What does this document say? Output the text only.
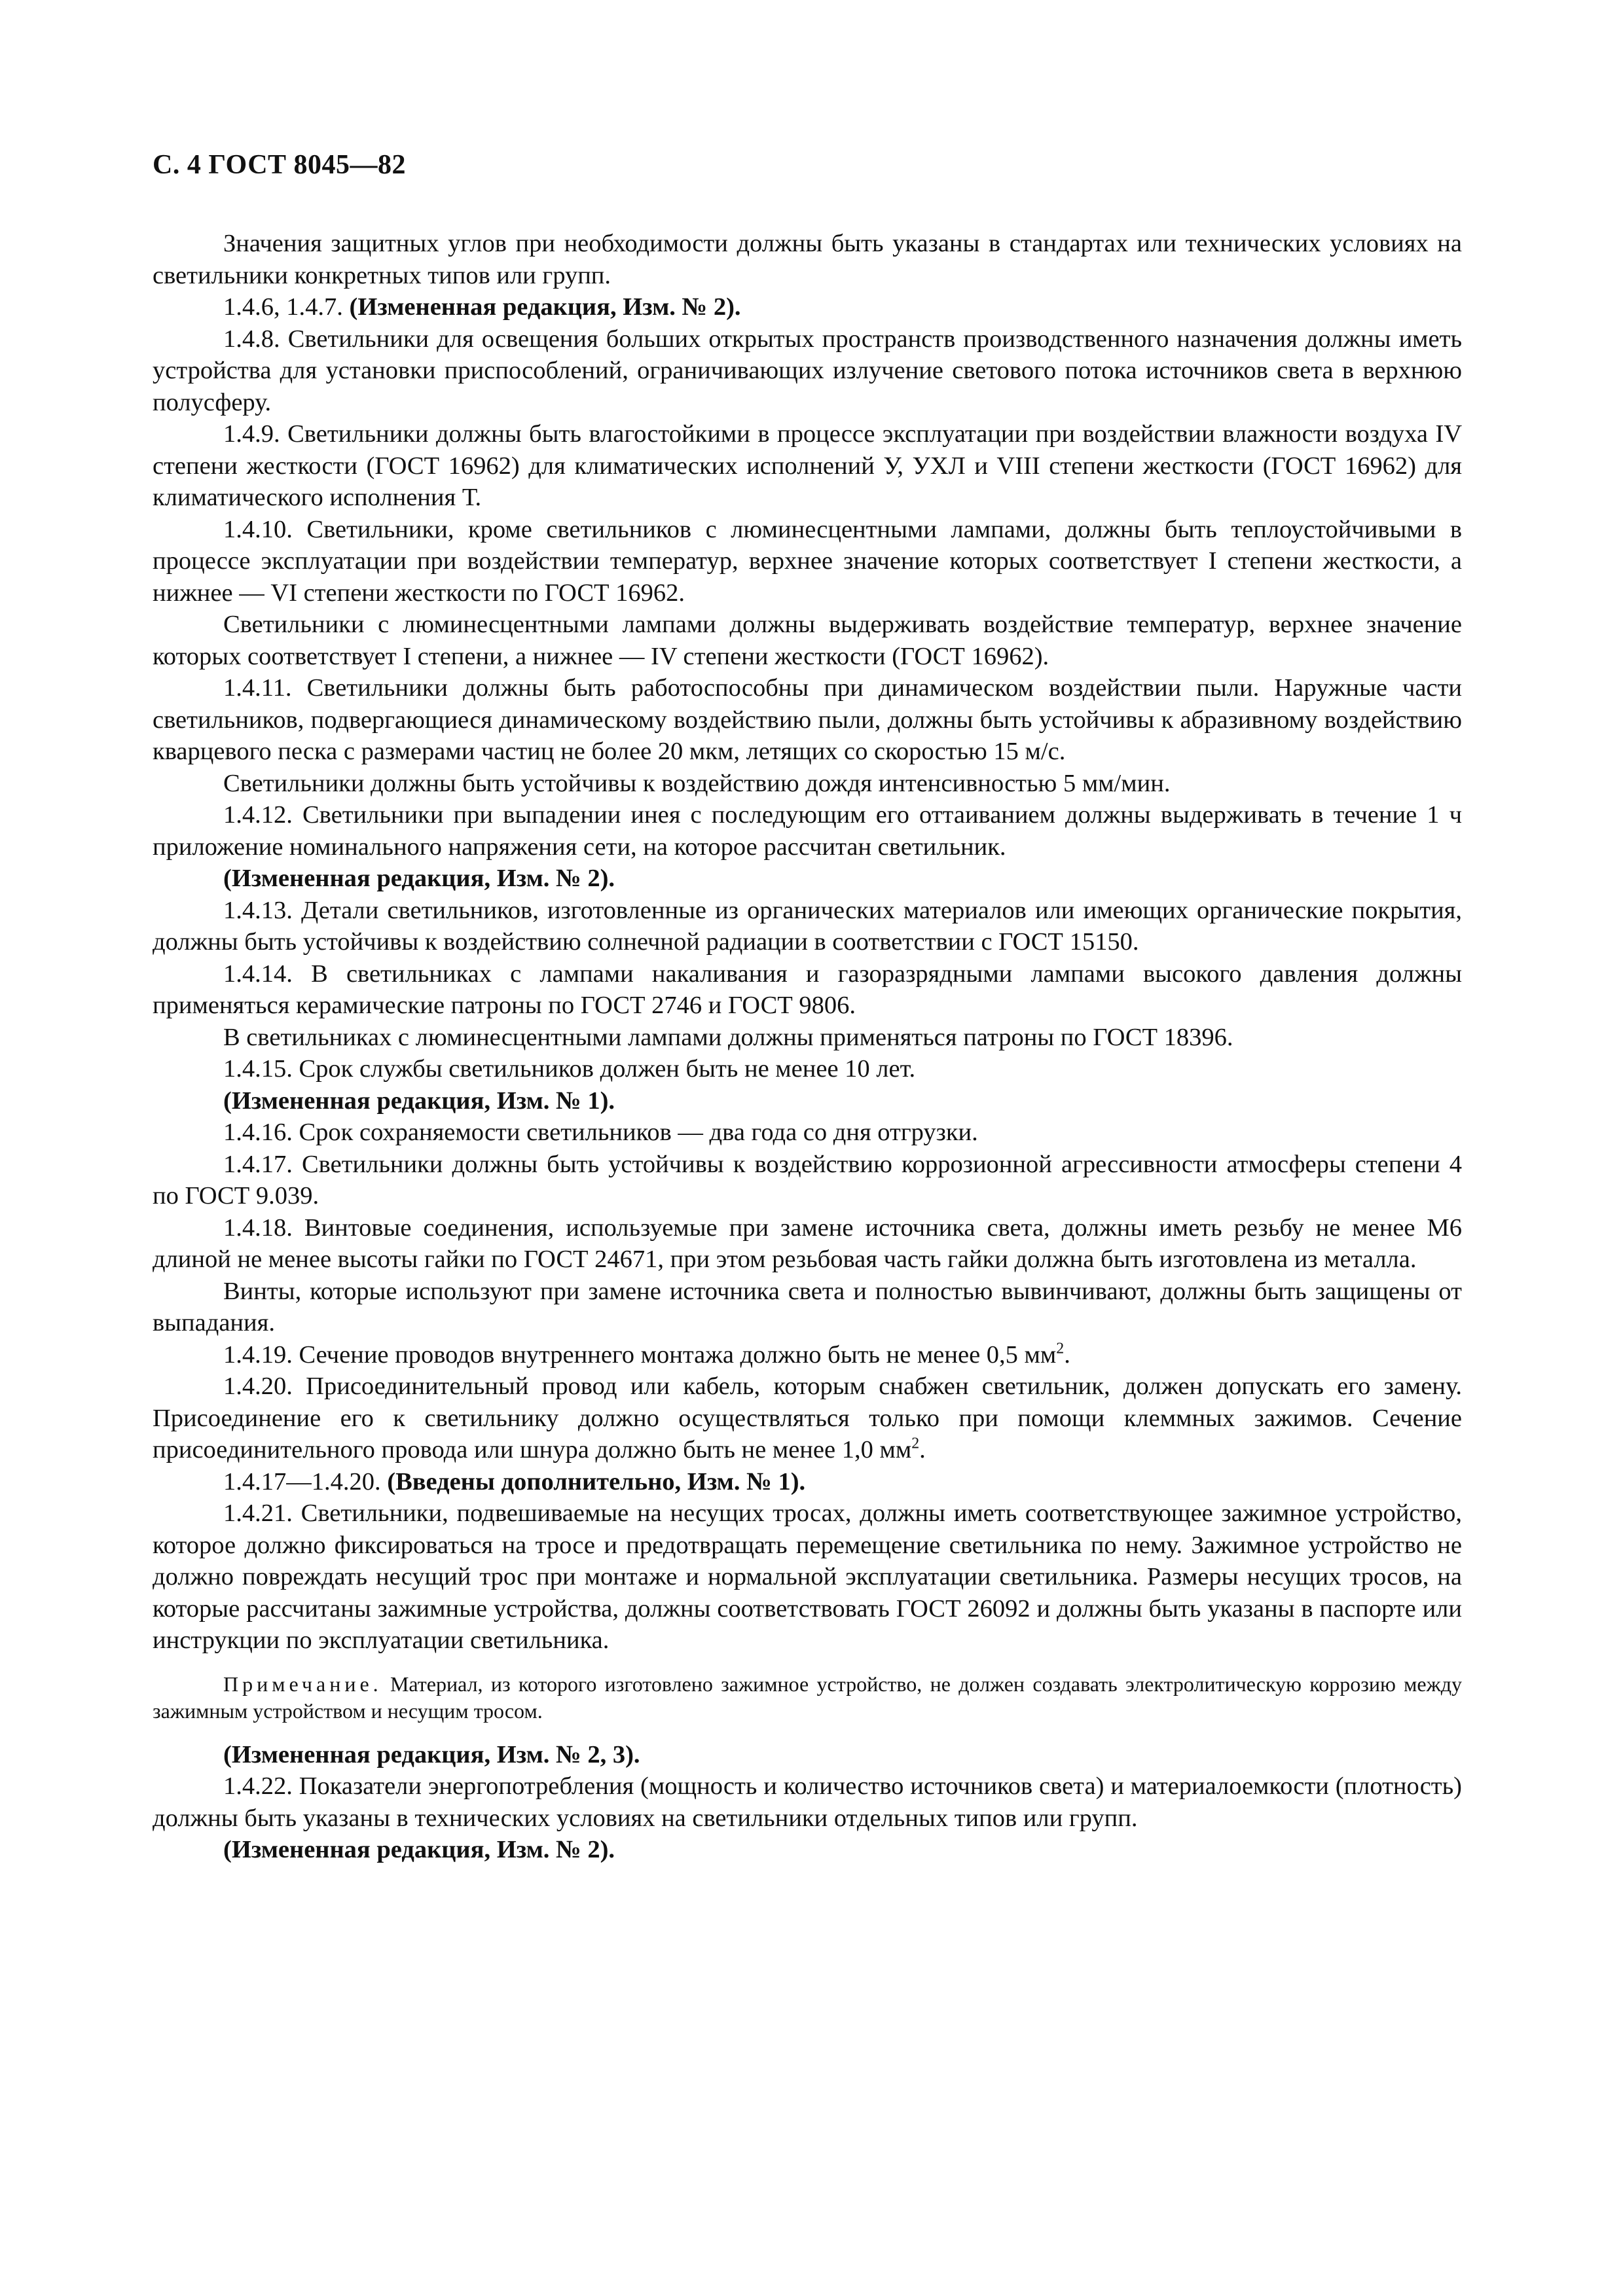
С. 4 ГОСТ 8045—82

Значения защитных углов при необходимости должны быть указаны в стандартах или технических условиях на светильники конкретных типов или групп.

1.4.6, 1.4.7. (Измененная редакция, Изм. № 2).

1.4.8. Светильники для освещения больших открытых пространств производственного назначения должны иметь устройства для установки приспособлений, ограничивающих излучение светового потока источников света в верхнюю полусферу.

1.4.9. Светильники должны быть влагостойкими в процессе эксплуатации при воздействии влажности воздуха IV степени жесткости (ГОСТ 16962) для климатических исполнений У, УХЛ и VIII степени жесткости (ГОСТ 16962) для климатического исполнения Т.

1.4.10. Светильники, кроме светильников с люминесцентными лампами, должны быть теплоустойчивыми в процессе эксплуатации при воздействии температур, верхнее значение которых соответствует I степени жесткости, а нижнее — VI степени жесткости по ГОСТ 16962.

Светильники с люминесцентными лампами должны выдерживать воздействие температур, верхнее значение которых соответствует I степени, а нижнее — IV степени жесткости (ГОСТ 16962).

1.4.11. Светильники должны быть работоспособны при динамическом воздействии пыли. Наружные части светильников, подвергающиеся динамическому воздействию пыли, должны быть устойчивы к абразивному воздействию кварцевого песка с размерами частиц не более 20 мкм, летящих со скоростью 15 м/с.

Светильники должны быть устойчивы к воздействию дождя интенсивностью 5 мм/мин.

1.4.12. Светильники при выпадении инея с последующим его оттаиванием должны выдерживать в течение 1 ч приложение номинального напряжения сети, на которое рассчитан светильник.

(Измененная редакция, Изм. № 2).

1.4.13. Детали светильников, изготовленные из органических материалов или имеющих органические покрытия, должны быть устойчивы к воздействию солнечной радиации в соответствии с ГОСТ 15150.

1.4.14. В светильниках с лампами накаливания и газоразрядными лампами высокого давления должны применяться керамические патроны по ГОСТ 2746 и ГОСТ 9806.

В светильниках с люминесцентными лампами должны применяться патроны по ГОСТ 18396.

1.4.15. Срок службы светильников должен быть не менее 10 лет.

(Измененная редакция, Изм. № 1).

1.4.16. Срок сохраняемости светильников — два года со дня отгрузки.

1.4.17. Светильники должны быть устойчивы к воздействию коррозионной агрессивности атмосферы степени 4 по ГОСТ 9.039.

1.4.18. Винтовые соединения, используемые при замене источника света, должны иметь резьбу не менее М6 длиной не менее высоты гайки по ГОСТ 24671, при этом резьбовая часть гайки должна быть изготовлена из металла.

Винты, которые используют при замене источника света и полностью вывинчивают, должны быть защищены от выпадания.

1.4.19. Сечение проводов внутреннего монтажа должно быть не менее 0,5 $мм^2$.

1.4.20. Присоединительный провод или кабель, которым снабжен светильник, должен допускать его замену. Присоединение его к светильнику должно осуществляться только при помощи клеммных зажимов. Сечение присоединительного провода или шнура должно быть не менее 1,0 $мм^2$.

1.4.17—1.4.20. (Введены дополнительно, Изм. № 1).

1.4.21. Светильники, подвешиваемые на несущих тросах, должны иметь соответствующее зажимное устройство, которое должно фиксироваться на тросе и предотвращать перемещение светильника по нему. Зажимное устройство не должно повреждать несущий трос при монтаже и нормальной эксплуатации светильника. Размеры несущих тросов, на которые рассчитаны зажимные устройства, должны соответствовать ГОСТ 26092 и должны быть указаны в паспорте или инструкции по эксплуатации светильника.

Примечание. Материал, из которого изготовлено зажимное устройство, не должен создавать электролитическую коррозию между зажимным устройством и несущим тросом.

(Измененная редакция, Изм. № 2, 3).

1.4.22. Показатели энергопотребления (мощность и количество источников света) и материалоемкости (плотность) должны быть указаны в технических условиях на светильники отдельных типов или групп.

(Измененная редакция, Изм. № 2).
